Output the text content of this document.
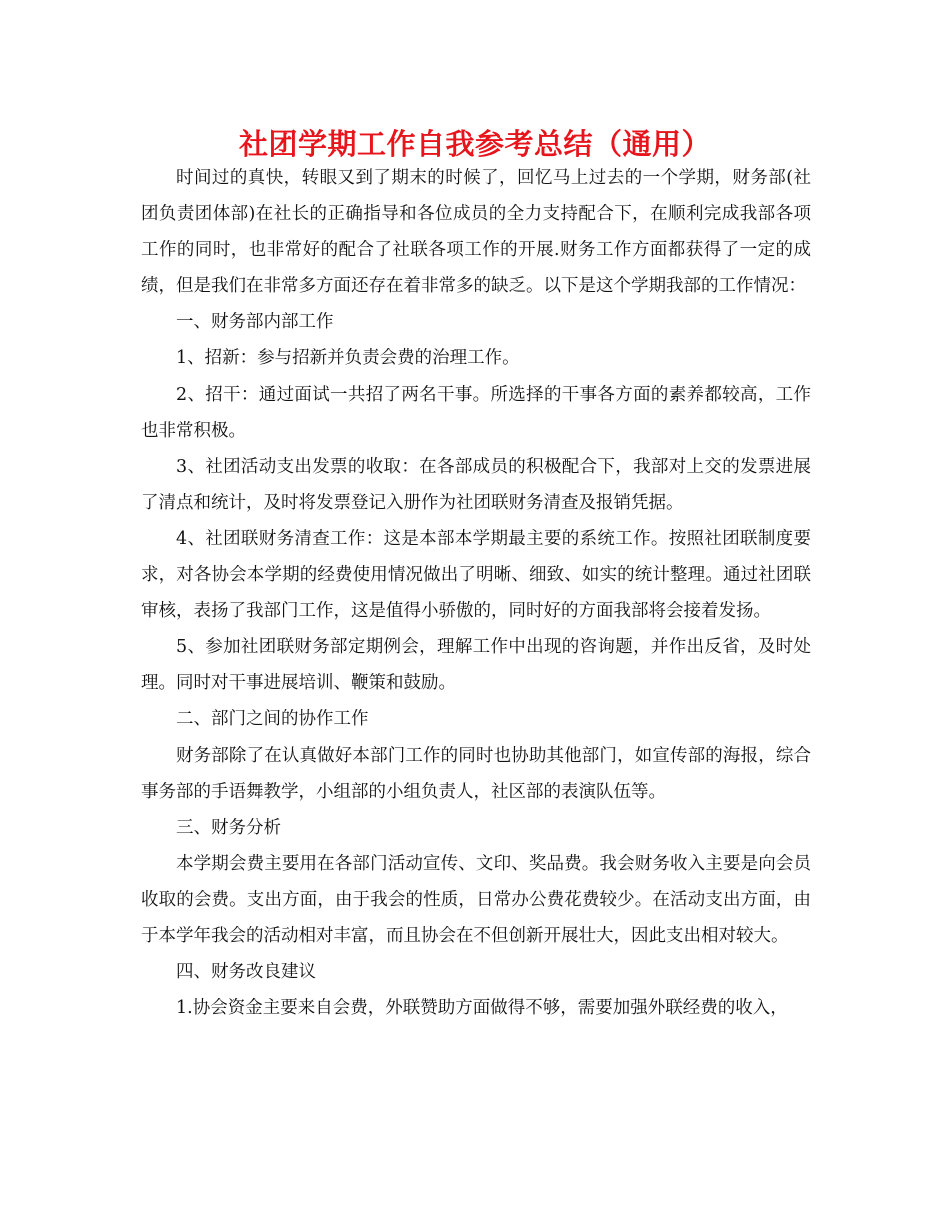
社团学期工作自我参考总结（通用）

时间过的真快，转眼又到了期末的时候了，回忆马上过去的一个学期，财务部(社团负责团体部)在社长的正确指导和各位成员的全力支持配合下，在顺利完成我部各项工作的同时，也非常好的配合了社联各项工作的开展.财务工作方面都获得了一定的成绩，但是我们在非常多方面还存在着非常多的缺乏。以下是这个学期我部的工作情况：

一、财务部内部工作

1、招新：参与招新并负责会费的治理工作。

2、招干：通过面试一共招了两名干事。所选择的干事各方面的素养都较高，工作也非常积极。

3、社团活动支出发票的收取：在各部成员的积极配合下，我部对上交的发票进展了清点和统计，及时将发票登记入册作为社团联财务清查及报销凭据。

4、社团联财务清查工作：这是本部本学期最主要的系统工作。按照社团联制度要求，对各协会本学期的经费使用情况做出了明晰、细致、如实的统计整理。通过社团联审核，表扬了我部门工作，这是值得小骄傲的，同时好的方面我部将会接着发扬。

5、参加社团联财务部定期例会，理解工作中出现的咨询题，并作出反省，及时处理。同时对干事进展培训、鞭策和鼓励。

二、部门之间的协作工作

财务部除了在认真做好本部门工作的同时也协助其他部门，如宣传部的海报，综合事务部的手语舞教学，小组部的小组负责人，社区部的表演队伍等。

三、财务分析

本学期会费主要用在各部门活动宣传、文印、奖品费。我会财务收入主要是向会员收取的会费。支出方面，由于我会的性质，日常办公费花费较少。在活动支出方面，由于本学年我会的活动相对丰富，而且协会在不但创新开展壮大，因此支出相对较大。

四、财务改良建议

1.协会资金主要来自会费，外联赞助方面做得不够，需要加强外联经费的收入，
